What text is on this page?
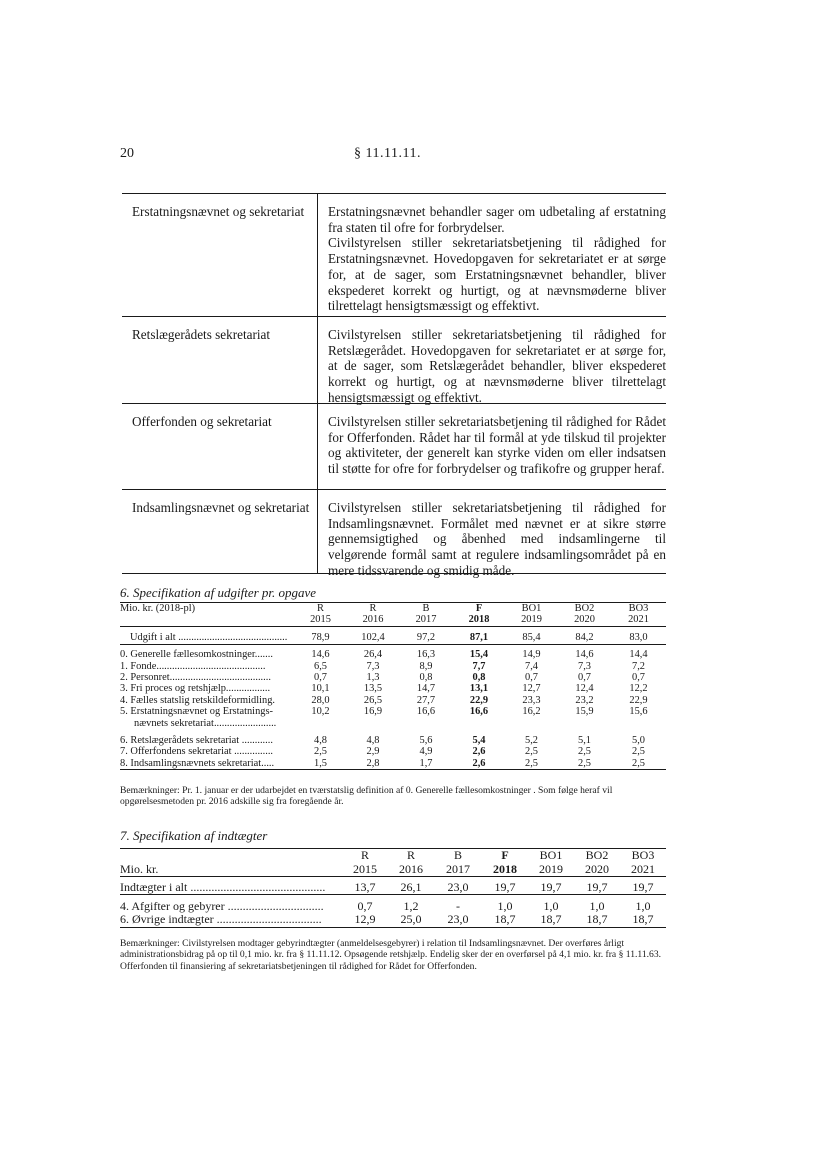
20	§ 11.11.11.
Erstatningsnævnet og sekretariat	Erstatningsnævnet behandler sager om udbetaling af erstatning fra staten til ofre for forbrydelser.

Civilstyrelsen stiller sekretariatsbetjening til rådighed for Erstatningsnævnet. Hovedopgaven for sekretariatet er at sørge for, at de sager, som Erstatningsnævnet behandler, bliver ekspederet korrekt og hurtigt, og at nævnsmøderne bliver tilrettelagt hensigtsmæssigt og effektivt.

Retslægerådets sekretariat	Civilstyrelsen stiller sekretariatsbetjening til rådighed for Retslægerådet. Hovedopgaven for sekretariatet er at sørge for, at de sager, som Retslægerådet behandler, bliver ekspederet korrekt og hurtigt, og at nævnsmøderne bliver tilrettelagt hensigtsmæssigt og effektivt.

Offerfonden og sekretariat	Civilstyrelsen stiller sekretariatsbetjening til rådighed for Rådet for Offerfonden. Rådet har til formål at yde tilskud til projekter og aktiviteter, der generelt kan styrke viden om eller indsatsen til støtte for ofre for forbrydelser og trafikofre og grupper heraf.

Indsamlingsnævnet og sekretariat	Civilstyrelsen stiller sekretariatsbetjening til rådighed for Indsamlingsnævnet. Formålet med nævnet er at sikre større gennemsigtighed og åbenhed med indsamlingerne til velgørende formål samt at regulere indsamlingsområdet på en mere tidssvarende og smidig måde.

6. Specifikation af udgifter pr. opgave
Mio. kr. (2018-pl)	R	R	B	F	BO1	BO2	BO3
	2015	2016	2017	2018	2019	2020	2021

Udgift i alt ..........................................	78,9	102,4	97,2	87,1	85,4	84,2	83,0

0. Generelle fællesomkostninger.......	14,6	26,4	16,3	15,4	14,9	14,6	14,4
1. Fonde..........................................	6,5	7,3	8,9	7,7	7,4	7,3	7,2
2. Personret.......................................	0,7	1,3	0,8	0,8	0,7	0,7	0,7
3. Fri proces og retshjælp.................	10,1	13,5	14,7	13,1	12,7	12,4	12,2
4. Fælles statslig retskildeformidling.	28,0	26,5	27,7	22,9	23,3	23,2	22,9
5. Erstatningsnævnet og Erstatnings-	10,2	16,9	16,6	16,6	16,2	15,9	15,6
nævnets sekretariat........................							

6. Retslægerådets sekretariat ............	4,8	4,8	5,6	5,4	5,2	5,1	5,0
7. Offerfondens sekretariat ...............	2,5	2,9	4,9	2,6	2,5	2,5	2,5
8. Indsamlingsnævnets sekretariat.....	1,5	2,8	1,7	2,6	2,5	2,5	2,5
Bemærkninger: Pr. 1. januar er der udarbejdet en tværstatslig definition af 0. Generelle fællesomkostninger . Som følge heraf vil opgørelsesmetoden pr. 2016 adskille sig fra foregående år.
7. Specifikation af indtægter
	R	R	B	F	BO1	BO2	BO3
Mio. kr.	2015	2016	2017	2018	2019	2020	2021

Indtægter i alt .............................................	13,7	26,1	23,0	19,7	19,7	19,7	19,7

4. Afgifter og gebyrer ................................	0,7	1,2	-	1,0	1,0	1,0	1,0
6. Øvrige indtægter ...................................	12,9	25,0	23,0	18,7	18,7	18,7	18,7
Bemærkninger: Civilstyrelsen modtager gebyrindtægter (anmeldelsesgebyrer) i relation til Indsamlingsnævnet. Der overføres årligt administrationsbidrag på op til 0,1 mio. kr. fra § 11.11.12. Opsøgende retshjælp. Endelig sker der en overførsel på 4,1 mio. kr. fra § 11.11.63. Offerfonden til finansiering af sekretariatsbetjeningen til rådighed for Rådet for Offerfonden.
